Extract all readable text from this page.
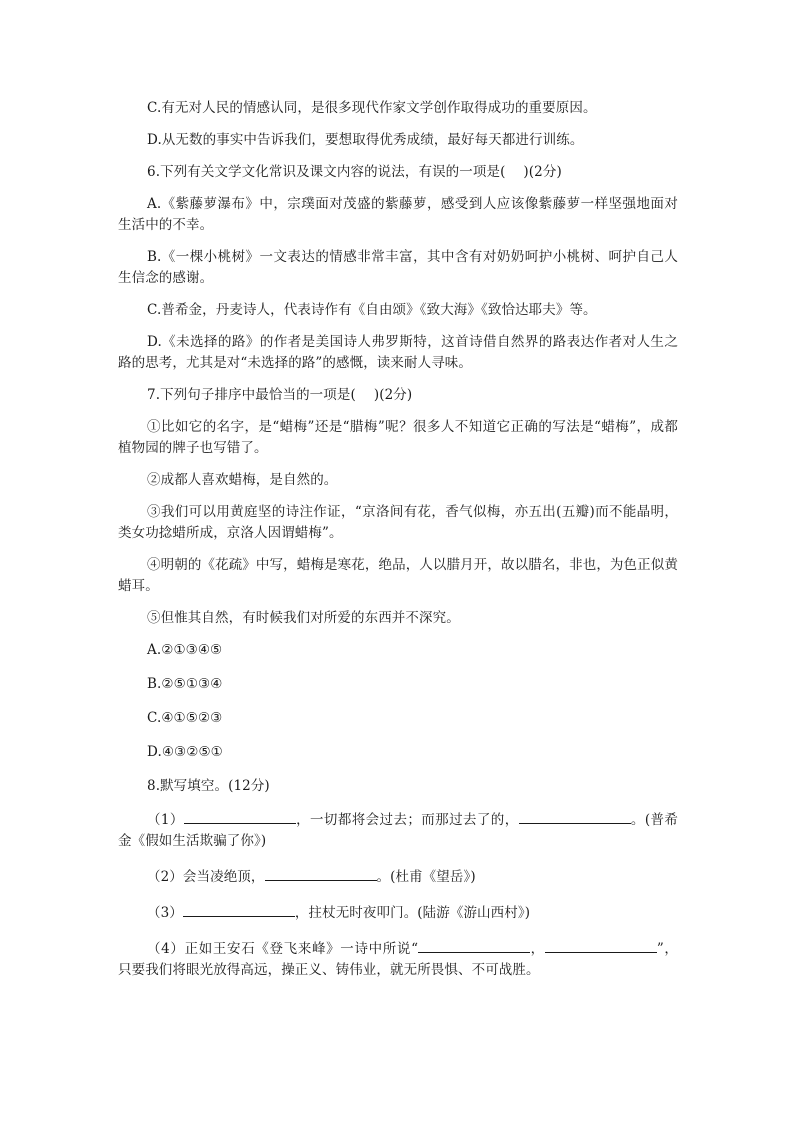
C.有无对人民的情感认同，是很多现代作家文学创作取得成功的重要原因。

D.从无数的事实中告诉我们，要想取得优秀成绩，最好每天都进行训练。

6.下列有关文学文化常识及课文内容的说法，有误的一项是(　 )(2分)

A.《紫藤萝瀑布》中，宗璞面对茂盛的紫藤萝，感受到人应该像紫藤萝一样坚强地面对生活中的不幸。

B.《一棵小桃树》一文表达的情感非常丰富，其中含有对奶奶呵护小桃树、呵护自己人生信念的感谢。

C.普希金，丹麦诗人，代表诗作有《自由颂》《致大海》《致恰达耶夫》等。

D.《未选择的路》的作者是美国诗人弗罗斯特，这首诗借自然界的路表达作者对人生之路的思考，尤其是对“未选择的路”的感慨，读来耐人寻味。

7.下列句子排序中最恰当的一项是(　 )(2分)

①比如它的名字，是“蜡梅”还是“腊梅”呢？很多人不知道它正确的写法是“蜡梅”，成都植物园的牌子也写错了。

②成都人喜欢蜡梅，是自然的。

③我们可以用黄庭坚的诗注作证，“京洛间有花，香气似梅，亦五出(五瓣)而不能晶明，类女功捻蜡所成，京洛人因谓蜡梅”。

④明朝的《花疏》中写，蜡梅是寒花，绝品，人以腊月开，故以腊名，非也，为色正似黄蜡耳。

⑤但惟其自然，有时候我们对所爱的东西并不深究。

A.②①③④⑤

B.②⑤①③④

C.④①⑤②③

D.④③②⑤①

8.默写填空。(12分)

（1）	，一切都将会过去；而那过去了的，	。(普希金《假如生活欺骗了你》)

（2）会当凌绝顶，	。(杜甫《望岳》)

（3）	，拄杖无时夜叩门。(陆游《游山西村》)

（4）正如王安石《登飞来峰》一诗中所说“	，	”，只要我们将眼光放得高远，操正义、铸伟业，就无所畏惧、不可战胜。
